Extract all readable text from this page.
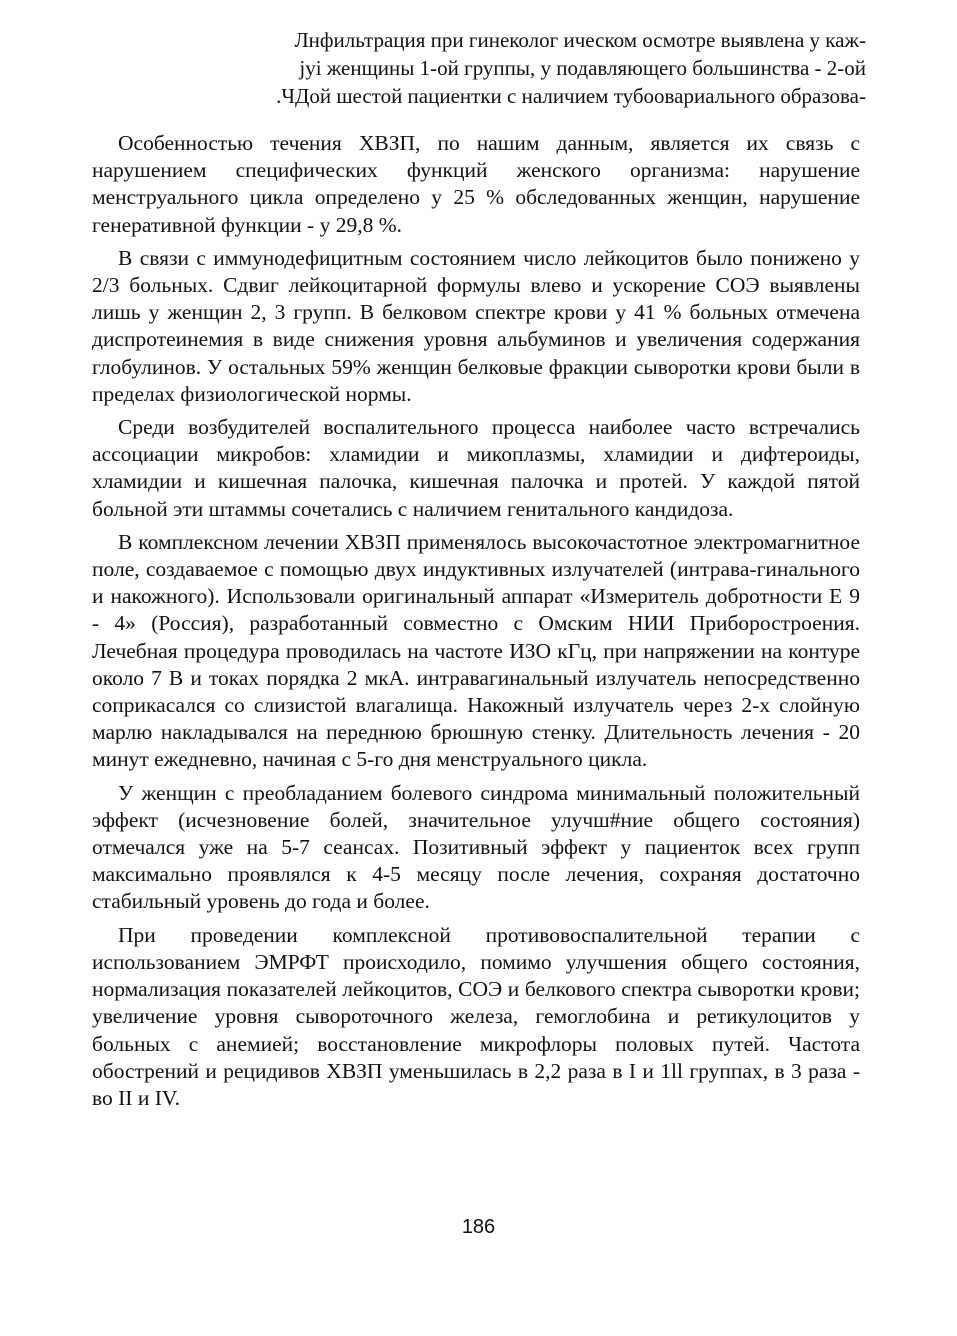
Лнфильтрация при гинеколог ическом осмотре выявлена у каж-
jyi женщины 1-ой группы, у подавляющего большинства - 2-ой
.ЧДой шестой пациентки с наличием тубоовариального образова-

Особенностью течения ХВЗП, по нашим данным, является их связь с нарушением специфических функций женского организма: нарушение менструального цикла определено у 25 % обследованных женщин, нарушение генеративной функции - у 29,8 %.

В связи с иммунодефицитным состоянием число лейкоцитов было понижено у 2/3 больных. Сдвиг лейкоцитарной формулы влево и ускорение СОЭ выявлены лишь у женщин 2, 3 групп. В белковом спектре крови у 41 % больных отмечена диспротеинемия в виде снижения уровня альбуминов и увеличения содержания глобулинов. У остальных 59% женщин белковые фракции сыворотки крови были в пределах физиологической нормы.

Среди возбудителей воспалительного процесса наиболее часто встречались ассоциации микробов: хламидии и микоплазмы, хламидии и дифтероиды, хламидии и кишечная палочка, кишечная палочка и протей. У каждой пятой больной эти штаммы сочетались с наличием генитального кандидоза.

В комплексном лечении ХВЗП применялось высокочастотное электромагнитное поле, создаваемое с помощью двух индуктивных излучателей (интрава-гинального и накожного). Использовали оригинальный аппарат «Измеритель добротности Е 9 - 4» (Россия), разработанный совместно с Омским НИИ Приборостроения. Лечебная процедура проводилась на частоте ИЗО кГц, при напряжении на контуре около 7 В и токах порядка 2 мкА. интравагинальный излучатель непосредственно соприкасался со слизистой влагалища. Накожный излучатель через 2-х слойную марлю накладывался на переднюю брюшную стенку. Длительность лечения - 20 минут ежедневно, начиная с 5-го дня менструального цикла.

У женщин с преобладанием болевого синдрома минимальный положительный эффект (исчезновение болей, значительное улучш#ние общего состояния) отмечался уже на 5-7 сеансах. Позитивный эффект у пациенток всех групп максимально проявлялся к 4-5 месяцу после лечения, сохраняя достаточно стабильный уровень до года и более.

При проведении комплексной противовоспалительной терапии с использованием ЭМРФТ происходило, помимо улучшения общего состояния, нормализация показателей лейкоцитов, СОЭ и белкового спектра сыворотки крови; увеличение уровня сывороточного железа, гемоглобина и ретикулоцитов у больных с анемией; восстановление микрофлоры половых путей. Частота обострений и рецидивов ХВЗП уменьшилась в 2,2 раза в I и 1ll группах, в 3 раза - во II и IV.

186
